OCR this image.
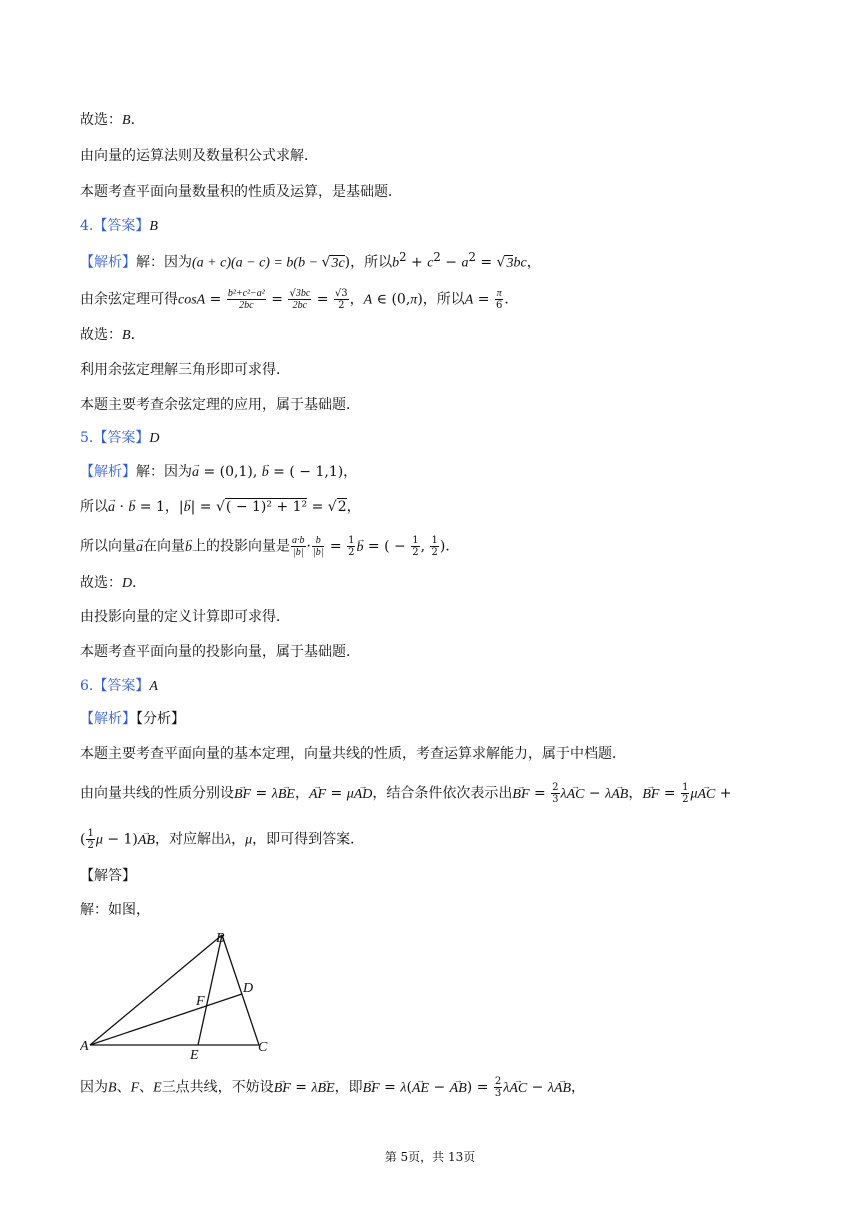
故选：B．
由向量的运算法则及数量积公式求解．
本题考查平面向量数量积的性质及运算，是基础题．
4.【答案】B
【解析】解：因为(a + c)(a − c) = b(b − √3c)，所以$b^2 + c^2 - a^2 = √3bc$，
由余弦定理可得$\cos A = \frac{\text{b²+c²−a²}}{2bc} = \frac{√3bc}{2bc} = \frac{√3}{2}$ ，A ∈ (0,π)，所以$A = \frac{\pi}{6}$ ．
故选：B．
利用余弦定理解三角形即可求得．
本题主要考查余弦定理的应用，属于基础题．
5.【答案】D
【解析】解：因为→ a = (0,1), → b = ( − 1,1)，
所以→ a · → b = 1，|→ b| = √( − 1)² + 1² = √2，
所以向量→ a在向量→ b上的投影向量是 $\frac{a\cdot b}{|b|} \cdot \frac{b}{|b|} = \frac{1}{2}$
→ b = ( − $\frac{1}{2}$ , $\frac{1}{2}$ )．
故选：D．
由投影向量的定义计算即可求得．
本题考查平面向量的投影向量，属于基础题．
6.【答案】A
【解析】【分析】
本题主要考查平面向量的基本定理，向量共线的性质，考查运算求解能力，属于中档题．
由向量共线的性质分别设→ BF = λ→ BE，→ AF = μ→ AD，结合条件依次表示出→ BF = $\frac{2}{3} \lambda\to$ AC − λ→ AB，→ BF = $\frac{1}{2} \mu\to$ AC +
( $\frac{1}{2}$ μ − 1)→ AB，对应解出λ，μ，即可得到答案．
【解答】
解：如图，
B
A	C
D
E
F
因为B、F、E三点共线，不妨设→ BF = λ→ BE，即→ BF = λ(→ AE − → $AB) = \frac{2}{3} \lambda\to$ AC − λ→ AB，
第 5页，共 13页
